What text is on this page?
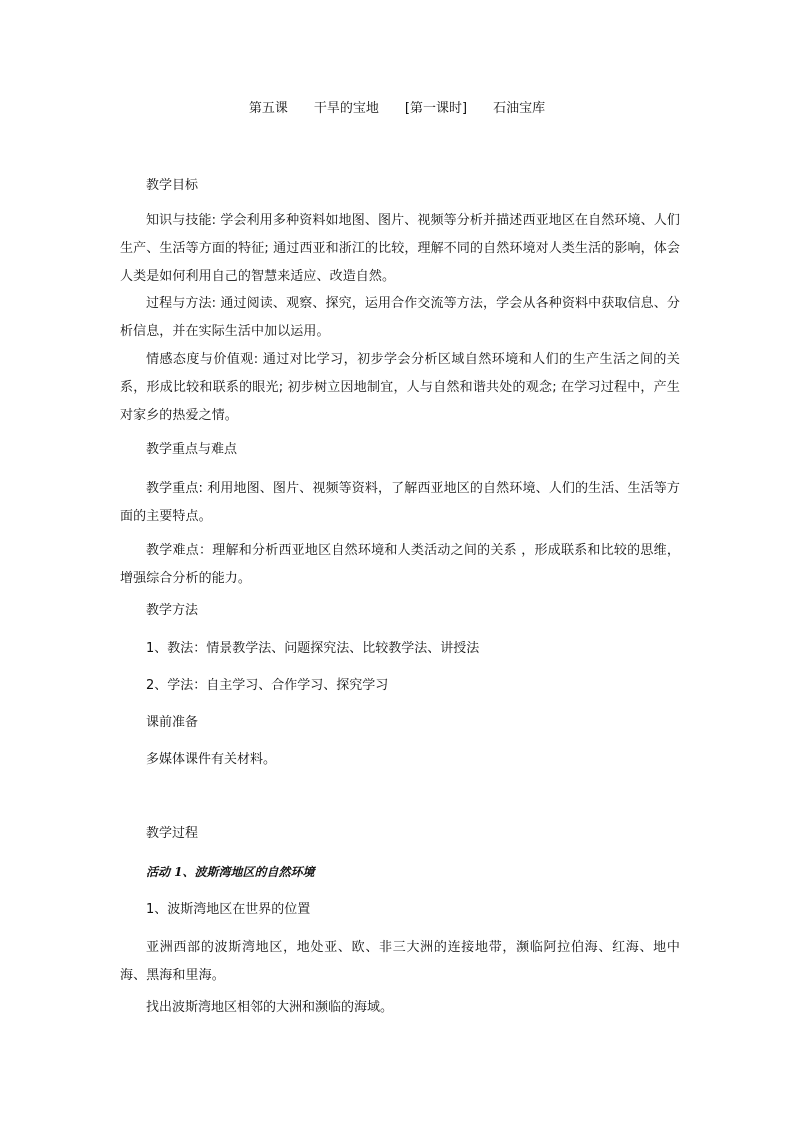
第五课　　干旱的宝地　　[第一课时]　　石油宝库
教学目标
知识与技能: 学会利用多种资料如地图、图片、视频等分析并描述西亚地区在自然环境、人们生产、生活等方面的特征; 通过西亚和浙江的比较，理解不同的自然环境对人类生活的影响，体会人类是如何利用自己的智慧来适应、改造自然。
过程与方法: 通过阅读、观察、探究，运用合作交流等方法，学会从各种资料中获取信息、分析信息，并在实际生活中加以运用。
情感态度与价值观: 通过对比学习，初步学会分析区域自然环境和人们的生产生活之间的关系，形成比较和联系的眼光; 初步树立因地制宜，人与自然和谐共处的观念; 在学习过程中，产生对家乡的热爱之情。
教学重点与难点
教学重点: 利用地图、图片、视频等资料，了解西亚地区的自然环境、人们的生活、生活等方面的主要特点。
教学难点：理解和分析西亚地区自然环境和人类活动之间的关系 ，形成联系和比较的思维，增强综合分析的能力。
教学方法
1、教法：情景教学法、问题探究法、比较教学法、讲授法
2、学法：自主学习、合作学习、探究学习
课前准备
多媒体课件有关材料。
教学过程
活动 1、波斯湾地区的自然环境
1、波斯湾地区在世界的位置
亚洲西部的波斯湾地区，地处亚、欧、非三大洲的连接地带，濒临阿拉伯海、红海、地中海、黑海和里海。
找出波斯湾地区相邻的大洲和濒临的海域。
